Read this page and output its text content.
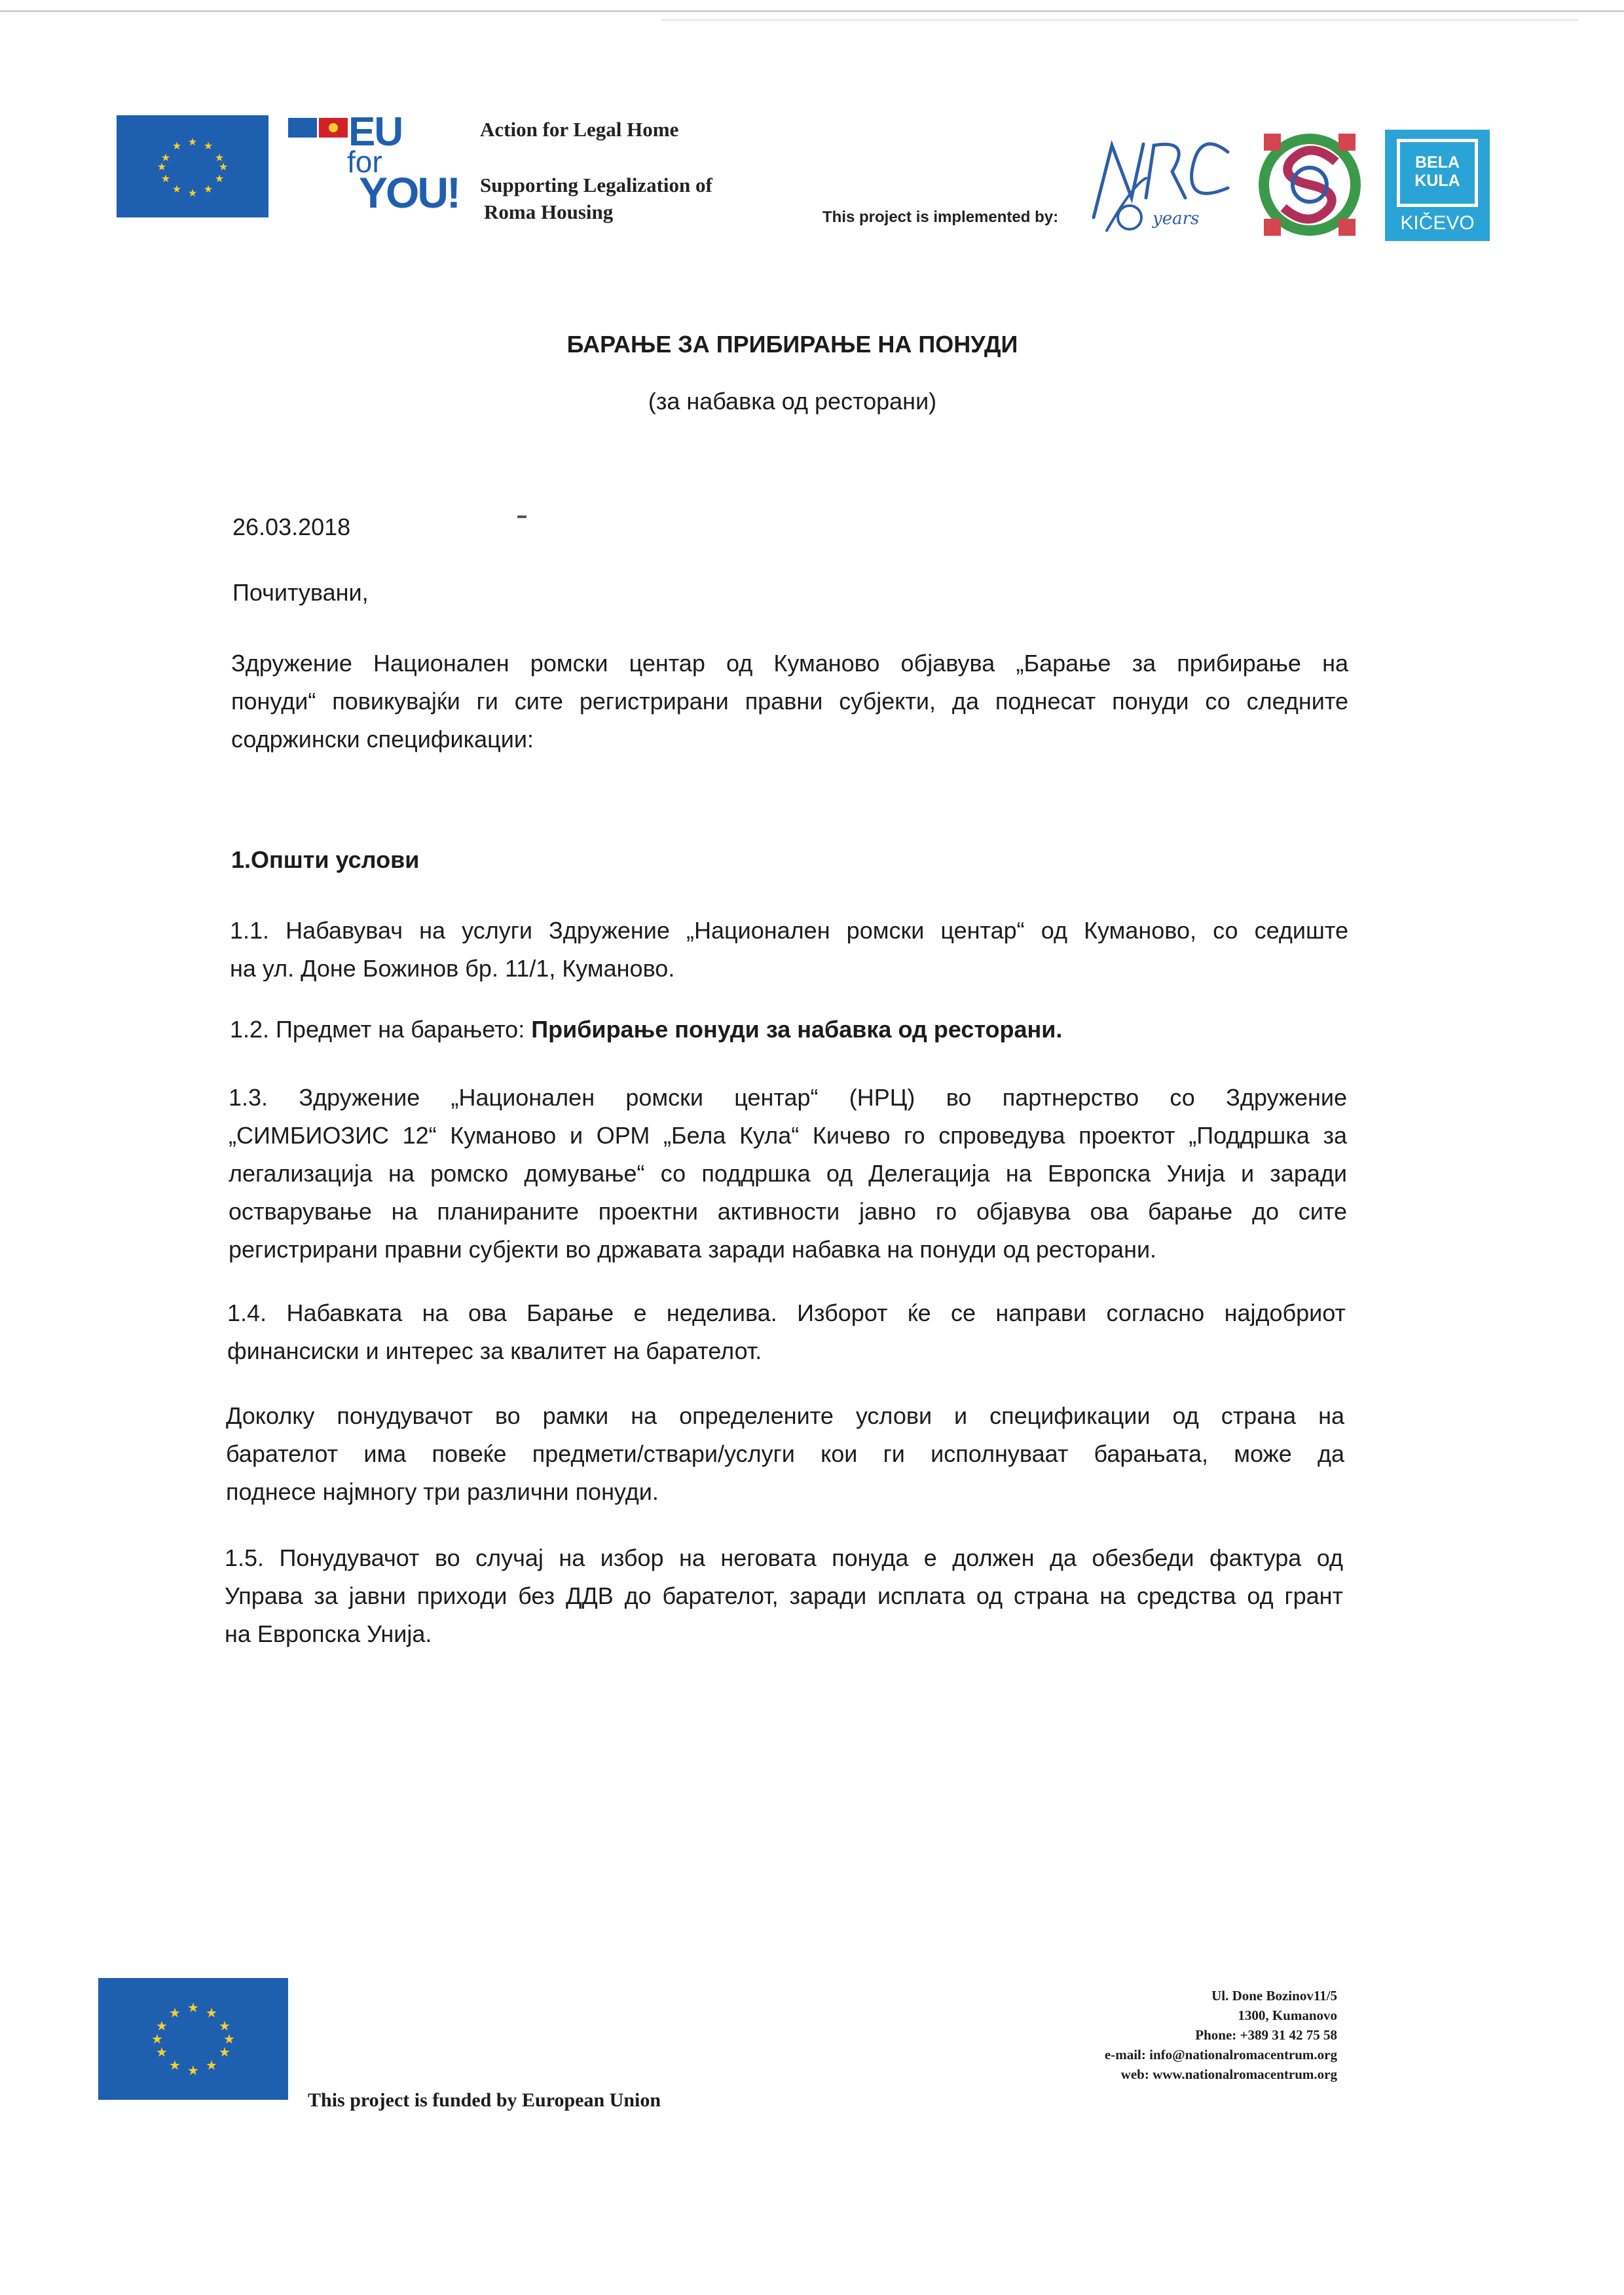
★ ★
★
★
★
★
★
★
★
★
★
★	EU
for
YOU!
Action for Legal Home
Supporting Legalization of
Roma Housing	This project is implemented by:	years
BELA
KULA
KIČEVO
БАРАЊЕ ЗА ПРИБИРАЊЕ НА ПОНУДИ
(за набавка од ресторани)
26.03.2018
Почитувани,
Здружение Национален ромски центар од Куманово објавува „Барање за прибирање на
понуди“ повикувајќи ги сите регистрирани правни субјекти, да поднесат понуди со следните
содржински спецификации:
1.Општи услови
1.1. Набавувач на услуги Здружение „Национален ромски центар“ од Куманово, со седиште
на ул. Доне Божинов бр. 11/1, Куманово.
1.2. Предмет на барањето: Прибирање понуди за набавка од ресторани.
1.3. Здружение „Национален ромски центар“ (НРЦ) во партнерство со Здружение
„СИМБИОЗИС 12“ Куманово и ОРМ „Бела Кула“ Кичево го спроведува проектот „Поддршка за
легализација на ромско домување“ со поддршка од Делегација на Европска Унија и заради
остварување на планираните проектни активности јавно го објавува ова барање до сите
регистрирани правни субјекти во државата заради набавка на понуди од ресторани.
1.4. Набавката на ова Барање е неделива. Изборот ќе се направи согласно најдобриот
финансиски и интерес за квалитет на барателот.
Доколку понудувачот во рамки на определените услови и спецификации од страна на
барателот има повеќе предмети/ствари/услуги кои ги исполнуваат барањата, може да
поднесе најмногу три различни понуди.
1.5. Понудувачот во случај на избор на неговата понуда е должен да обезбеди фактура од
Управа за јавни приходи без ДДВ до барателот, заради исплата од страна на средства од грант
на Европска Унија.
★ ★
★
★
★
★
★
★
★
★
★
★
This project is funded by European Union
Ul. Done Bozinov11/5
1300, Kumanovo
Phone: +389 31 42 75 58
e-mail: info@nationalromacentrum.org
web: www.nationalromacentrum.org
